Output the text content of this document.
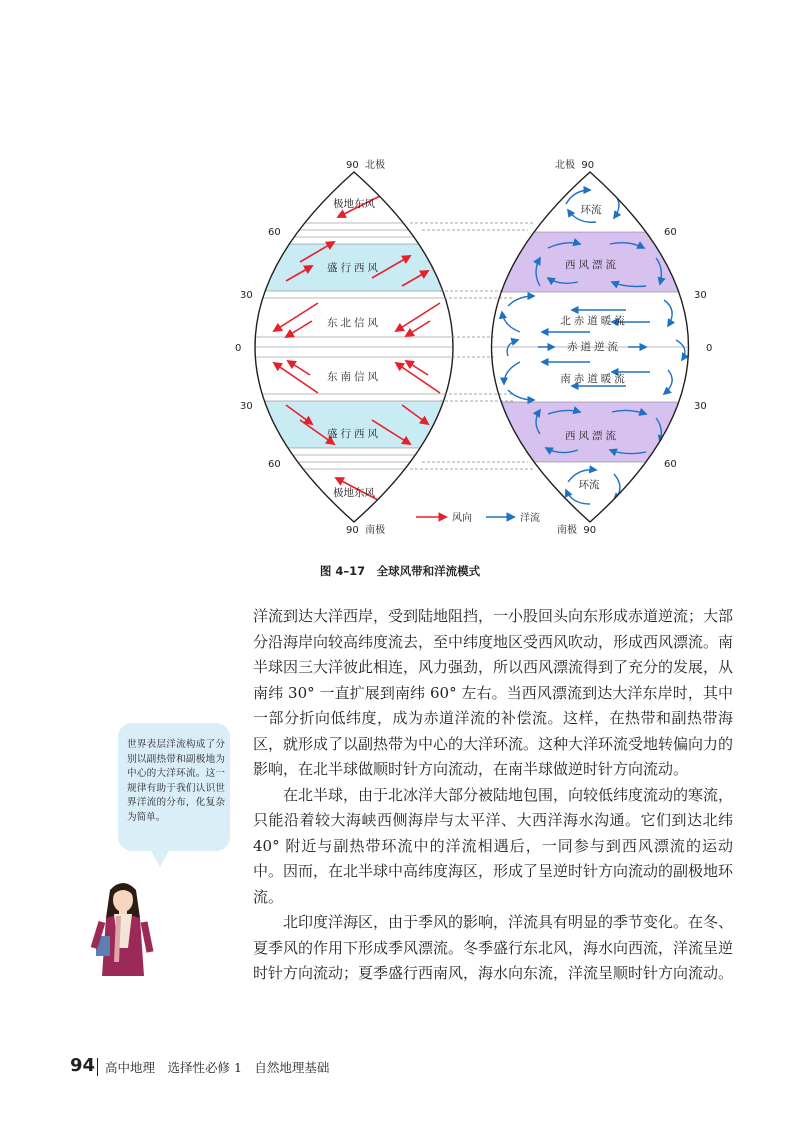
极地东风
盛行西风
东北信风
东南信风
盛行西风
极地东风
90  北极
90  南极
60
30
0
30
60
环流
西风漂流
北赤道暖流
赤道逆流
南赤道暖流
西风漂流
环流
北极  90
南极  90
60
30
0
30
60
风向	洋流
图 4–17　全球风带和洋流模式

洋流到达大洋西岸，受到陆地阻挡，一小股回头向东形成赤道逆流；大部分沿海岸向较高纬度流去，至中纬度地区受西风吹动，形成西风漂流。南半球因三大洋彼此相连，风力强劲，所以西风漂流得到了充分的发展，从南纬 30° 一直扩展到南纬 60° 左右。当西风漂流到达大洋东岸时，其中一部分折向低纬度，成为赤道洋流的补偿流。这样，在热带和副热带海区，就形成了以副热带为中心的大洋环流。这种大洋环流受地转偏向力的影响，在北半球做顺时针方向流动，在南半球做逆时针方向流动。

在北半球，由于北冰洋大部分被陆地包围，向较低纬度流动的寒流，只能沿着较大海峡西侧海岸与太平洋、大西洋海水沟通。它们到达北纬 40° 附近与副热带环流中的洋流相遇后，一同参与到西风漂流的运动中。因而，在北半球中高纬度海区，形成了呈逆时针方向流动的副极地环流。

北印度洋海区，由于季风的影响，洋流具有明显的季节变化。在冬、夏季风的作用下形成季风漂流。冬季盛行东北风，海水向西流，洋流呈逆时针方向流动；夏季盛行西南风，海水向东流，洋流呈顺时针方向流动。

世界表层洋流构成了分别以副热带和副极地为中心的大洋环流。这一规律有助于我们认识世界洋流的分布，化复杂为简单。
94 高中地理　选择性必修 1　自然地理基础
